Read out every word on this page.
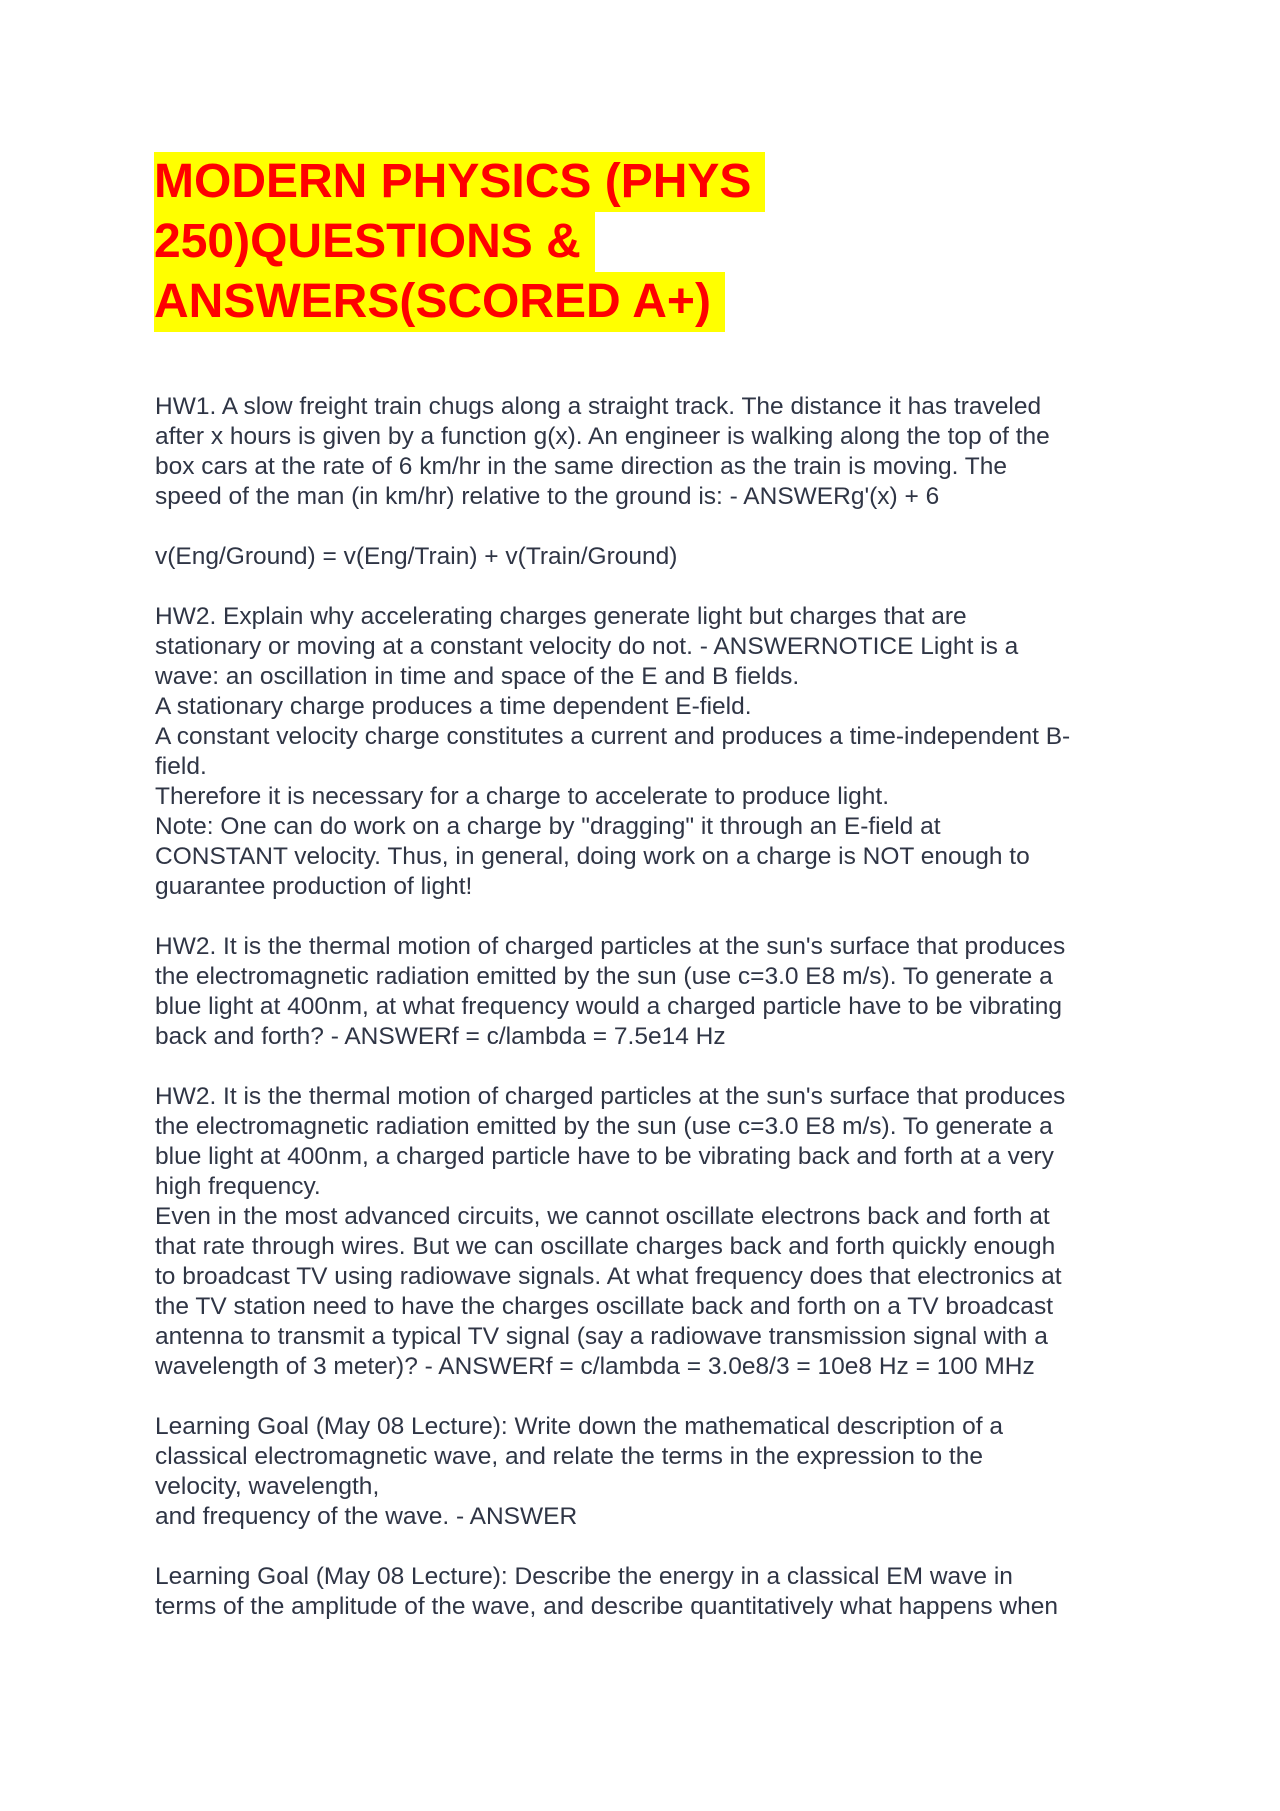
MODERN PHYSICS (PHYS
250)QUESTIONS &
ANSWERS(SCORED A+)
HW1. A slow freight train chugs along a straight track. The distance it has traveled
after x hours is given by a function g(x). An engineer is walking along the top of the
box cars at the rate of 6 km/hr in the same direction as the train is moving. The
speed of the man (in km/hr) relative to the ground is: - ANSWERg'(x) + 6
v(Eng/Ground) = v(Eng/Train) + v(Train/Ground)
HW2. Explain why accelerating charges generate light but charges that are
stationary or moving at a constant velocity do not. - ANSWERNOTICE Light is a
wave: an oscillation in time and space of the E and B fields.
A stationary charge produces a time dependent E-field.
A constant velocity charge constitutes a current and produces a time-independent B-
field.
Therefore it is necessary for a charge to accelerate to produce light.
Note: One can do work on a charge by "dragging" it through an E-field at
CONSTANT velocity. Thus, in general, doing work on a charge is NOT enough to
guarantee production of light!
HW2. It is the thermal motion of charged particles at the sun's surface that produces
the electromagnetic radiation emitted by the sun (use c=3.0 E8 m/s). To generate a
blue light at 400nm, at what frequency would a charged particle have to be vibrating
back and forth? - ANSWERf = c/lambda = 7.5e14 Hz
HW2. It is the thermal motion of charged particles at the sun's surface that produces
the electromagnetic radiation emitted by the sun (use c=3.0 E8 m/s). To generate a
blue light at 400nm, a charged particle have to be vibrating back and forth at a very
high frequency.
Even in the most advanced circuits, we cannot oscillate electrons back and forth at
that rate through wires. But we can oscillate charges back and forth quickly enough
to broadcast TV using radiowave signals. At what frequency does that electronics at
the TV station need to have the charges oscillate back and forth on a TV broadcast
antenna to transmit a typical TV signal (say a radiowave transmission signal with a
wavelength of 3 meter)? - ANSWERf = c/lambda = 3.0e8/3 = 10e8 Hz = 100 MHz
Learning Goal (May 08 Lecture): Write down the mathematical description of a
classical electromagnetic wave, and relate the terms in the expression to the
velocity, wavelength,
and frequency of the wave. - ANSWER
Learning Goal (May 08 Lecture): Describe the energy in a classical EM wave in
terms of the amplitude of the wave, and describe quantitatively what happens when
